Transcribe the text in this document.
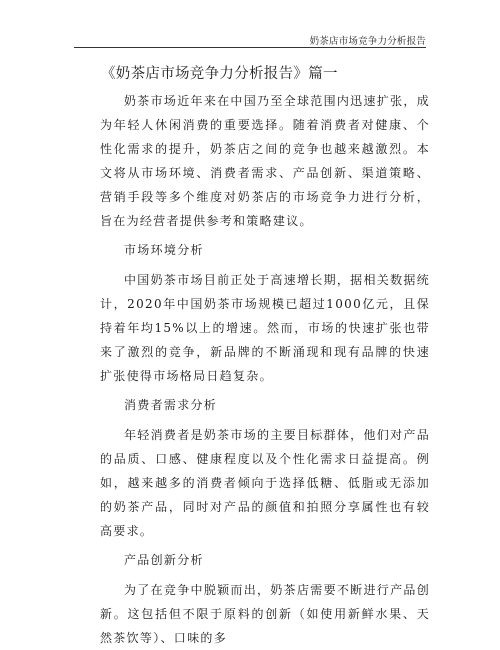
奶茶店市场竞争力分析报告
《奶茶店市场竞争力分析报告》篇一

奶茶市场近年来在中国乃至全球范围内迅速扩张，成为年轻人休闲消费的重要选择。随着消费者对健康、个性化需求的提升，奶茶店之间的竞争也越来越激烈。本文将从市场环境、消费者需求、产品创新、渠道策略、营销手段等多个维度对奶茶店的市场竞争力进行分析，旨在为经营者提供参考和策略建议。

市场环境分析

中国奶茶市场目前正处于高速增长期，据相关数据统计，2020年中国奶茶市场规模已超过1000亿元，且保持着年均15%以上的增速。然而，市场的快速扩张也带来了激烈的竞争，新品牌的不断涌现和现有品牌的快速扩张使得市场格局日趋复杂。

消费者需求分析

年轻消费者是奶茶市场的主要目标群体，他们对产品的品质、口感、健康程度以及个性化需求日益提高。例如，越来越多的消费者倾向于选择低糖、低脂或无添加的奶茶产品，同时对产品的颜值和拍照分享属性也有较高要求。

产品创新分析

为了在竞争中脱颖而出，奶茶店需要不断进行产品创新。这包括但不限于原料的创新（如使用新鲜水果、天然茶饮等）、口味的多
